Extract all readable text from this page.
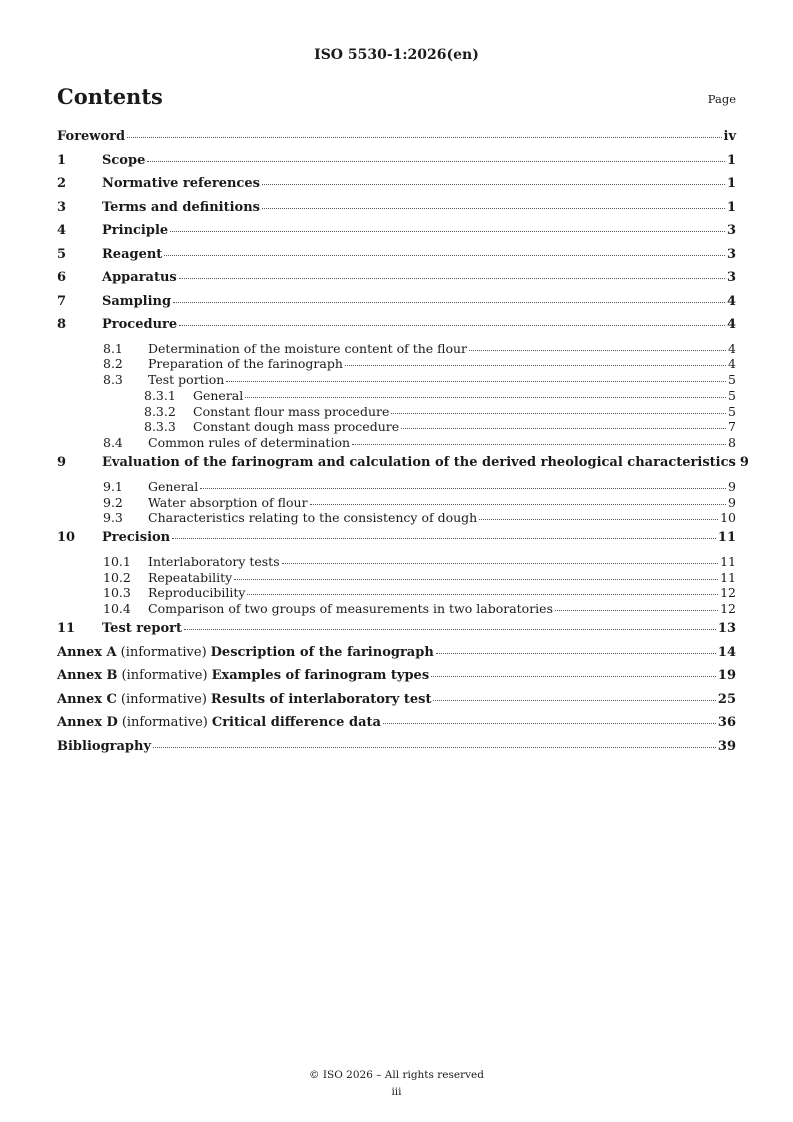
ISO 5530-1:2026(en)
Contents	Page
Foreword	iv
1	Scope	1
2	Normative references	1
3	Terms and definitions	1
4	Principle	3
5	Reagent	3
6	Apparatus	3
7	Sampling	4
8	Procedure	4
8.1	Determination of the moisture content of the flour	4
8.2	Preparation of the farinograph	4
8.3	Test portion	5
8.3.1	General	5
8.3.2	Constant flour mass procedure	5
8.3.3	Constant dough mass procedure	7
8.4	Common rules of determination	8
9	Evaluation of the farinogram and calculation of the derived rheological characteristics 9
9.1	General	9
9.2	Water absorption of flour	9
9.3	Characteristics relating to the consistency of dough	10
10	Precision	11
10.1	Interlaboratory tests	11
10.2	Repeatability	11
10.3	Reproducibility	12
10.4	Comparison of two groups of measurements in two laboratories	12
11	Test report	13
Annex A (informative) Description of the farinograph	14
Annex B (informative) Examples of farinogram types	19
Annex C (informative) Results of interlaboratory test	25
Annex D (informative) Critical difference data	36
Bibliography	39
© ISO 2026 – All rights reserved
iii
